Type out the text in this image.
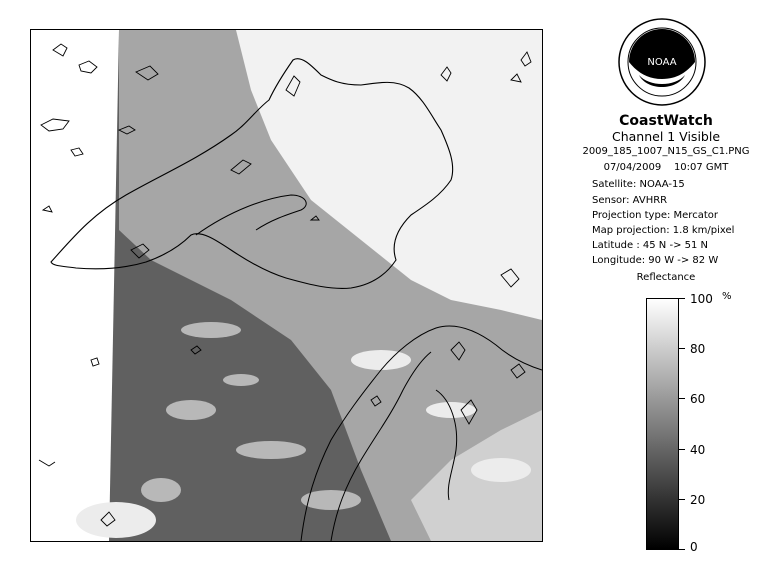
NOAA
CoastWatch
Channel 1 Visible
2009_185_1007_N15_GS_C1.PNG
07/04/2009 10:07 GMT
Satellite: NOAA-15
Sensor: AVHRR
Projection type: Mercator
Map projection: 1.8 km/pixel
Latitude : 45 N -> 51 N
Longitude: 90 W -> 82 W
Reflectance
%
100
80
60
40
20
0
